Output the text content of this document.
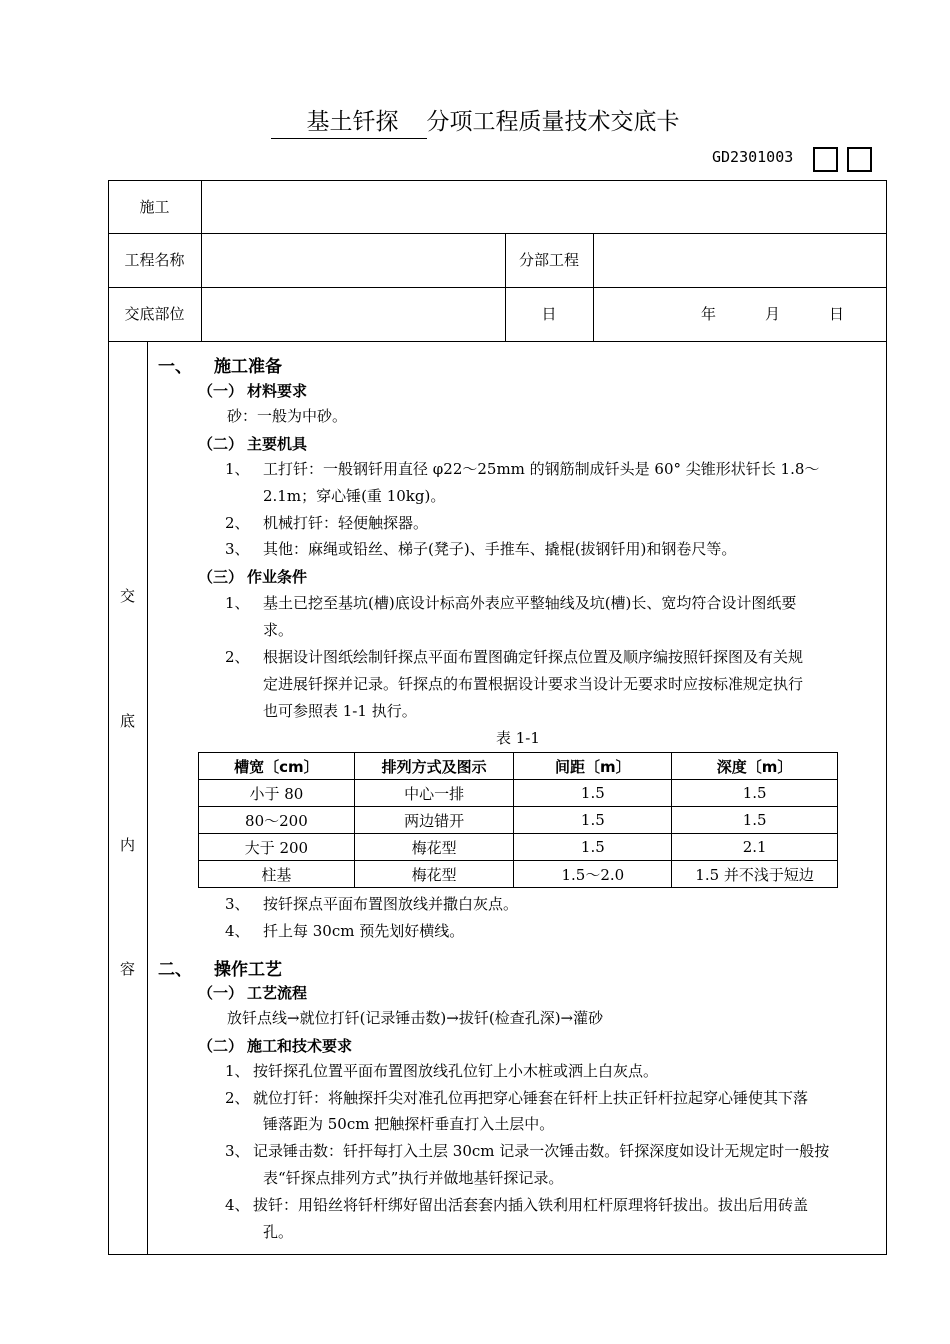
基土钎探 分项工程质量技术交底卡
GD2301003
施工
工程名称	分部工程
交底部位	日	年	月	日
交
底
内
容
一、 施工准备
（一） 材料要求
砂：一般为中砂。
（二） 主要机具
1、 工打钎：一般钢钎用直径 φ22～25mm 的钢筋制成钎头是 60° 尖锥形状钎长 1.8～
2.1m；穿心锤(重 10kg)。
2、 机械打钎：轻便触探器。
3、 其他：麻绳或铅丝、梯子(凳子)、手推车、撬棍(拔钢钎用)和钢卷尺等。
（三） 作业条件
1、 基土已挖至基坑(槽)底设计标高外表应平整轴线及坑(槽)长、宽均符合设计图纸要
求。
2、 根据设计图纸绘制钎探点平面布置图确定钎探点位置及顺序编按照钎探图及有关规
定进展钎探并记录。钎探点的布置根据设计要求当设计无要求时应按标准规定执行
也可参照表 1-1 执行。
表 1-1
槽宽〔cm〕	排列方式及图示	间距〔m〕	深度〔m〕
小于 80	中心一排	1.5	1.5
80～200	两边错开	1.5	1.5
大于 200	梅花型	1.5	2.1
柱基	梅花型	1.5～2.0	1.5 并不浅于短边
3、 按钎探点平面布置图放线并撒白灰点。
4、 扦上每 30cm 预先划好横线。
二、 操作工艺
（一） 工艺流程
放钎点线→就位打钎(记录锤击数)→拔钎(检查孔深)→灌砂
（二） 施工和技术要求
1、 按钎探孔位置平面布置图放线孔位钉上小木桩或洒上白灰点。
2、 就位打钎：将触探扦尖对准孔位再把穿心锤套在钎杆上扶正钎杆拉起穿心锤使其下落
锤落距为 50cm 把触探杆垂直打入土层中。
3、 记录锤击数：钎扞每打入土层 30cm 记录一次锤击数。钎探深度如设计无规定时一般按
表“钎探点排列方式”执行并做地基钎探记录。
4、 拔钎：用铅丝将钎杆绑好留出活套套内插入铁利用杠杆原理将钎拔出。拔出后用砖盖
孔。
